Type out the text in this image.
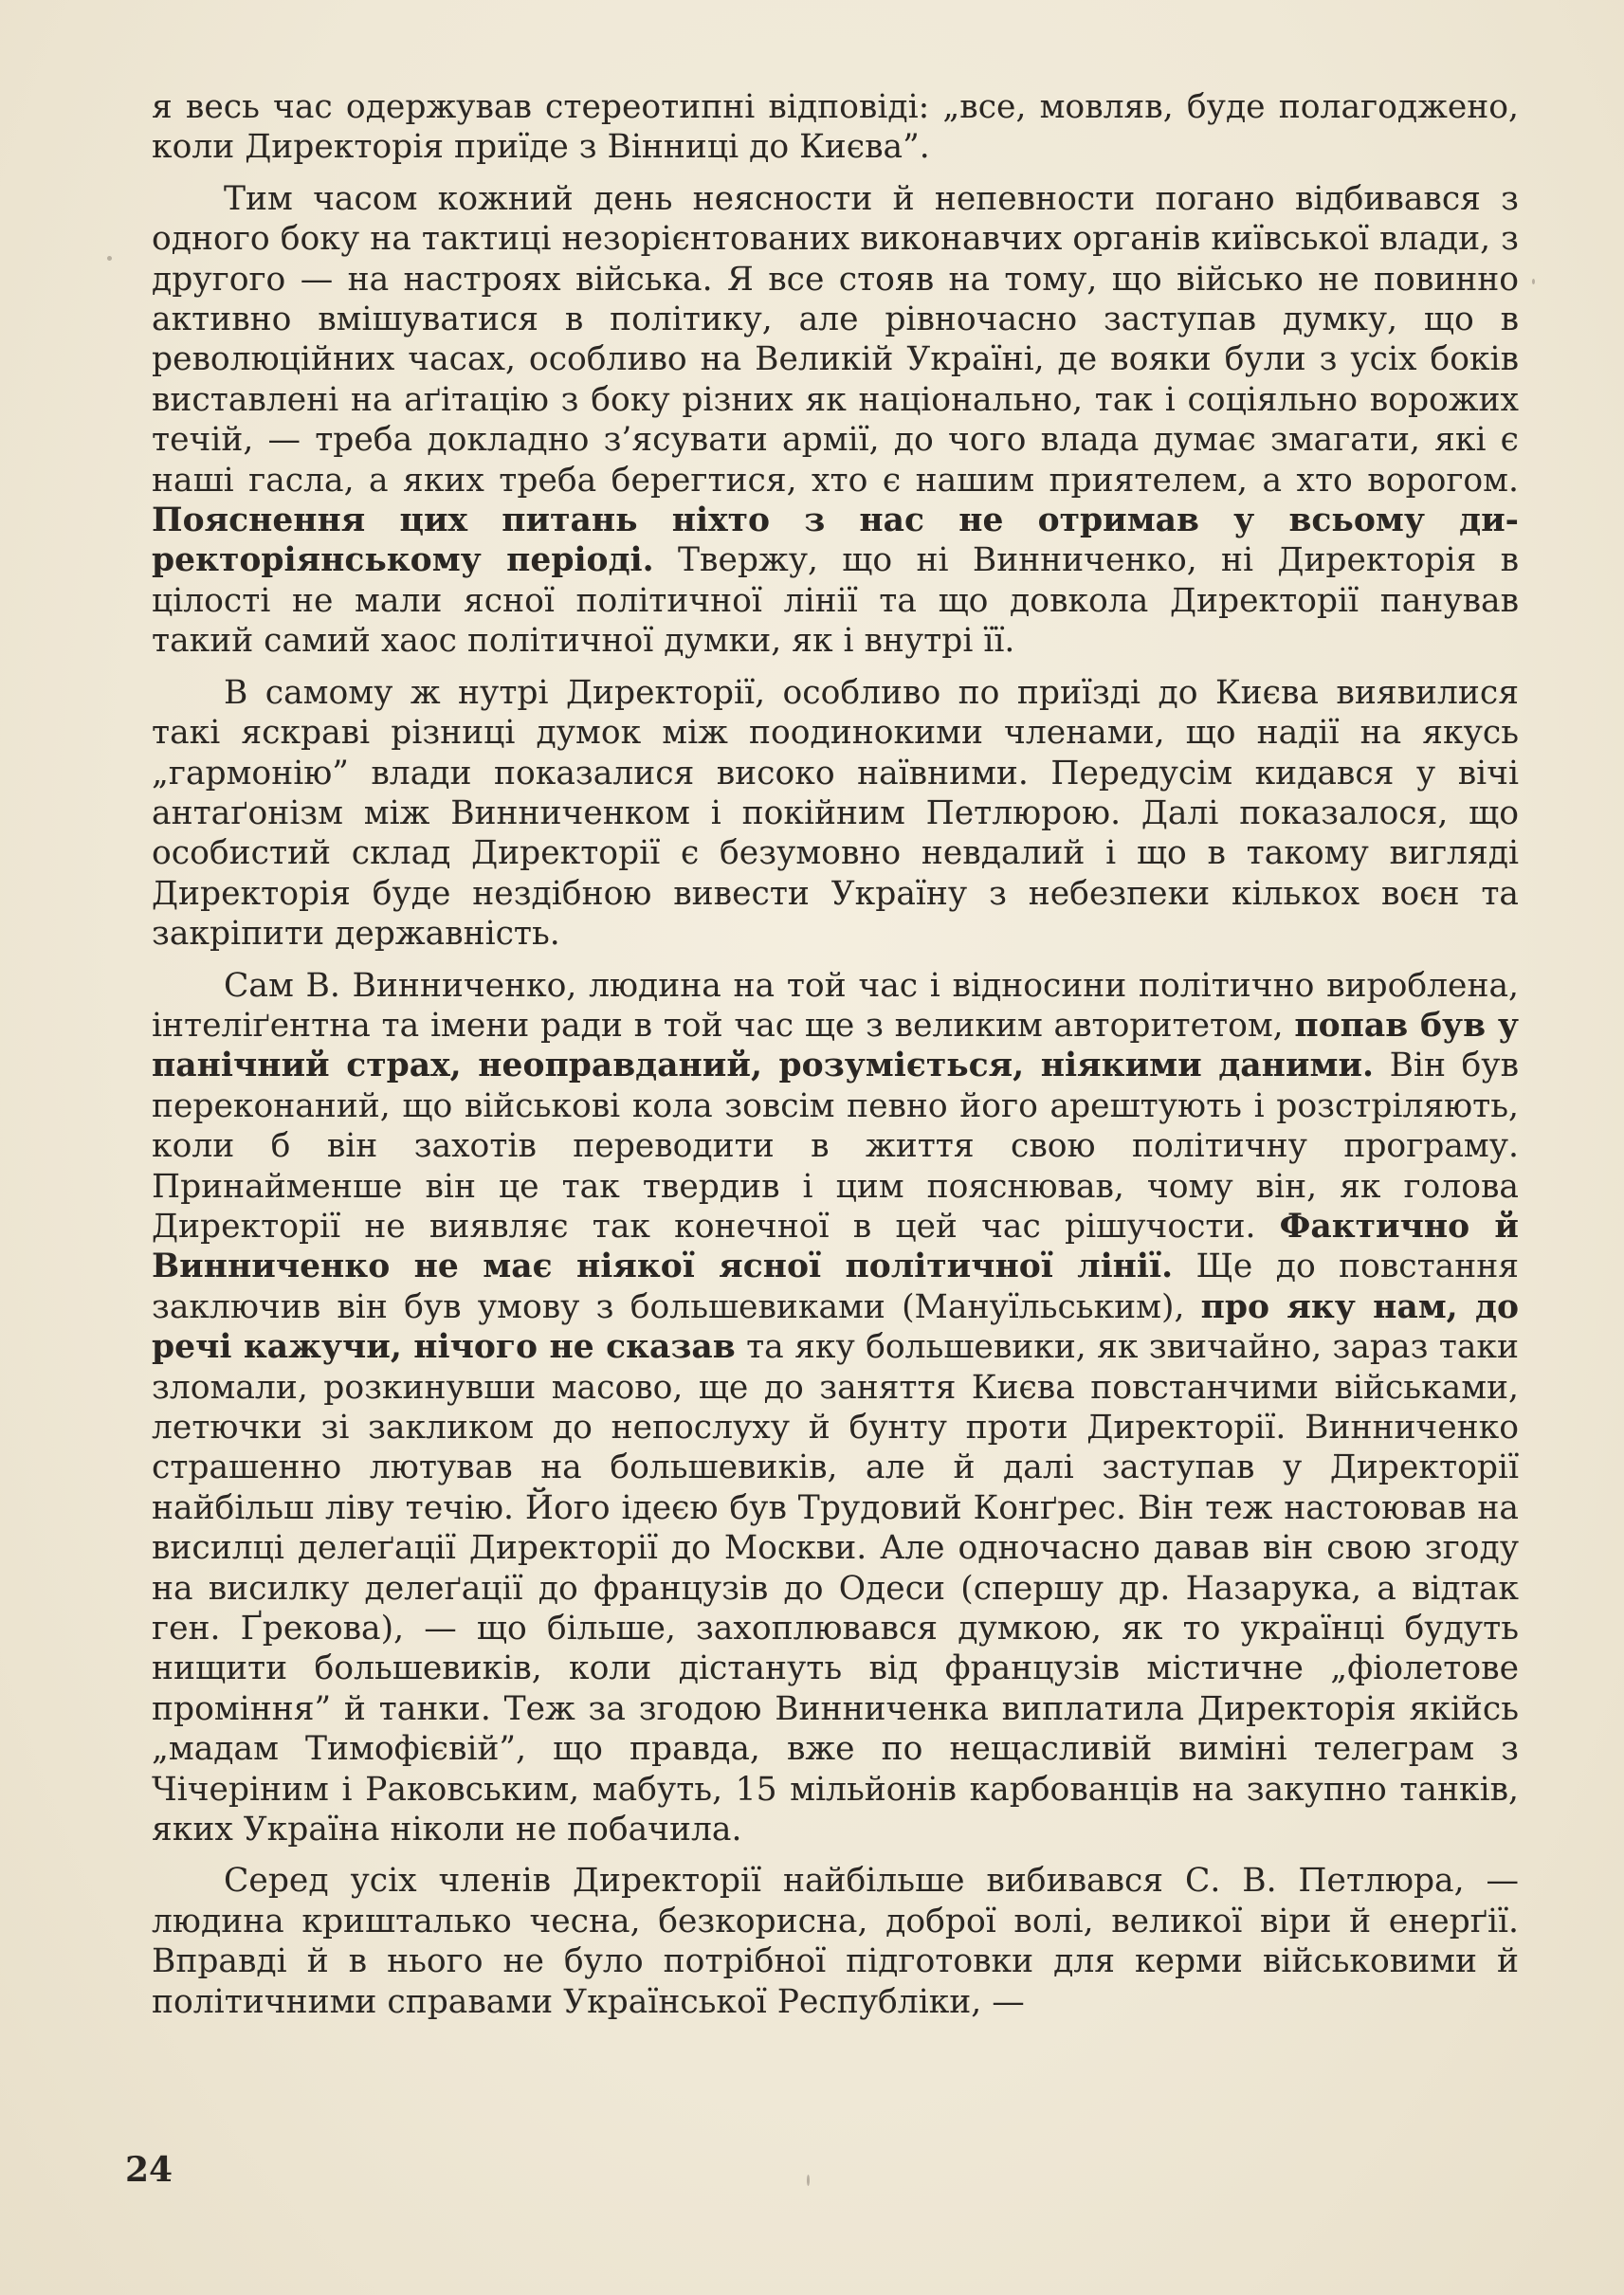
я весь час одержував стереотипні відповіді: „все, мовляв, буде полагоджено, коли Директорія приїде з Вінниці до Києва”.

Тим часом кожний день неясности й непевности погано відбивався з одного боку на тактиці незорієнтованих виконавчих органів київської влади, з другого — на настроях війська. Я все стояв на тому, що військо не повинно активно вмішуватися в політику, але рівночасно заступав думку, що в революційних часах, особливо на Великій Україні, де вояки були з усіх боків виставлені на аґітацію з боку різних як національно, так і соціяльно ворожих течій, — треба докладно з’ясувати армії, до чого влада думає змагати, які є наші гасла, а яких треба берегтися, хто є нашим приятелем, а хто ворогом. Пояснення цих питань ніхто з нас не отримав у всьому директоріянському періоді. Твержу, що ні Винниченко, ні Директорія в цілості не мали ясної політичної лінії та що довкола Директорії панував такий самий хаос політичної думки, як і внутрі її.

В самому ж нутрі Директорії, особливо по приїзді до Києва виявилися такі яскраві різниці думок між поодинокими членами, що надії на якусь „гармонію” влади показалися високо наївними. Передусім кидався у вічі антаґонізм між Винниченком і покійним Петлюрою. Далі показалося, що особистий склад Директорії є безумовно невдалий і що в такому вигляді Директорія буде нездібною вивести Україну з небезпеки кількох воєн та закріпити державність.

Сам В. Винниченко, людина на той час і відносини політично вироблена, інтеліґентна та імени ради в той час ще з великим авторитетом, попав був у панічний страх, неоправданий, розуміється, ніякими даними. Він був переконаний, що військові кола зовсім певно його арештують і розстріляють, коли б він захотів переводити в життя свою політичну програму. Принайменше він це так твердив і цим пояснював, чому він, як голова Директорії не виявляє так конечної в цей час рішучости. Фактично й Винниченко не має ніякої ясної політичної лінії. Ще до повстання заключив він був умову з большевиками (Мануїльським), про яку нам, до речі кажучи, нічого не сказав та яку большевики, як звичайно, зараз таки зломали, розкинувши масово, ще до заняття Києва повстанчими військами, летючки зі закликом до непослуху й бунту проти Директорії. Винниченко страшенно лютував на большевиків, але й далі заступав у Директорії найбільш ліву течію. Його ідеєю був Трудовий Конґрес. Він теж настоював на висилці делеґації Директорії до Москви. Але одночасно давав він свою згоду на висилку делеґації до французів до Одеси (спершу др. Назарука, а відтак ген. Ґрекова), — що більше, захоплювався думкою, як то українці будуть нищити большевиків, коли дістануть від французів містичне „фіолетове проміння” й танки. Теж за згодою Винниченка виплатила Директорія якійсь „мадам Тимофієвій”, що правда, вже по нещасливій виміні телеграм з Чічеріним і Раковським, мабуть, 15 мільйонів карбованців на закупно танків, яких Україна ніколи не побачила.

Серед усіх членів Директорії найбільше вибивався С. В. Петлюра, — людина кришталько чесна, безкорисна, доброї волі, великої віри й енерґії. Вправді й в нього не було потрібної підготовки для керми військовими й політичними справами Української Республіки, —

24
